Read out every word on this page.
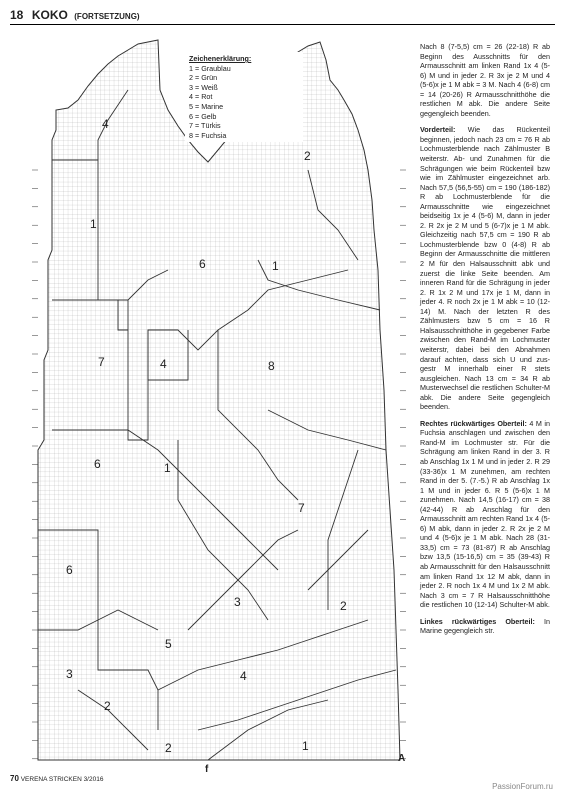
18 KOKO (FORTSETZUNG)
4
2
1
6	1
7	4	8
6	1
7
6
3	2
5
3	4
2
2	1
Zeichenerklärung:
1 = Graublau
2 = Grün
3 = Weiß
4 = Rot
5 = Marine
6 = Gelb
7 = Türkis
8 = Fuchsia
A
f

Nach 8 (7-5,5) cm = 26 (22-18) R ab Beginn des Ausschnitts für den Armausschnitt am linken Rand 1x 4 (5-6) M und in jeder 2. R 3x je 2 M und 4 (5-6)x je 1 M abk = 3 M. Nach 4 (6-8) cm = 14 (20-26) R Armausschnitthöhe die restlichen M abk. Die andere Seite gegengleich beenden.

Vorderteil: Wie das Rückenteil beginnen, jedoch nach 23 cm = 76 R ab Lochmusterblende nach Zählmuster B weiterstr. Ab- und Zunahmen für die Schrägungen wie beim Rückenteil bzw wie im Zählmuster eingezeichnet arb. Nach 57,5 (56,5-55) cm = 190 (186-182) R ab Lochmusterblende für die Armausschnitte wie eingezeichnet beidseitig 1x je 4 (5-6) M, dann in jeder 2. R 2x je 2 M und 5 (6-7)x je 1 M abk. Gleichzeitig nach 57,5 cm = 190 R ab Lochmusterblende bzw 0 (4-8) R ab Beginn der Armausschnitte die mittleren 2 M für den Halsausschnitt abk und zuerst die linke Seite beenden. Am inneren Rand für die Schrägung in jeder 2. R 1x 2 M und 17x je 1 M, dann in jeder 4. R noch 2x je 1 M abk = 10 (12-14) M. Nach der letzten R des Zählmusters bzw 5 cm = 16 R Halsausschnitthöhe in gegebener Farbe zwischen den Rand-M im Lochmuster weiterstr, dabei bei den Abnahmen darauf achten, dass sich U und zus-gestr M innerhalb einer R stets ausgleichen. Nach 13 cm = 34 R ab Musterwechsel die restlichen Schulter-M abk. Die andere Seite gegengleich beenden.

Rechtes rückwärtiges Oberteil: 4 M in Fuchsia anschlagen und zwischen den Rand-M im Lochmuster str. Für die Schrägung am linken Rand in der 3. R ab Anschlag 1x 1 M und in jeder 2. R 29 (33-36)x 1 M zunehmen, am rechten Rand in der 5. (7.-5.) R ab Anschlag 1x 1 M und in jeder 6. R 5 (5-6)x 1 M zunehmen. Nach 14,5 (16-17) cm = 38 (42-44) R ab Anschlag für den Armausschnitt am rechten Rand 1x 4 (5-6) M abk, dann in jeder 2. R 2x je 2 M und 4 (5-6)x je 1 M abk. Nach 28 (31-33,5) cm = 73 (81-87) R ab Anschlag bzw 13,5 (15-16,5) cm = 35 (39-43) R ab Armausschnitt für den Halsausschnitt am linken Rand 1x 12 M abk, dann in jeder 2. R noch 1x 4 M und 1x 2 M abk. Nach 3 cm = 7 R Halsausschnitthöhe die restlichen 10 (12-14) Schulter-M abk.

Linkes rückwärtiges Oberteil: In Marine gegengleich str.

70 VERENA STRICKEN 3/2016
PassionForum.ru
